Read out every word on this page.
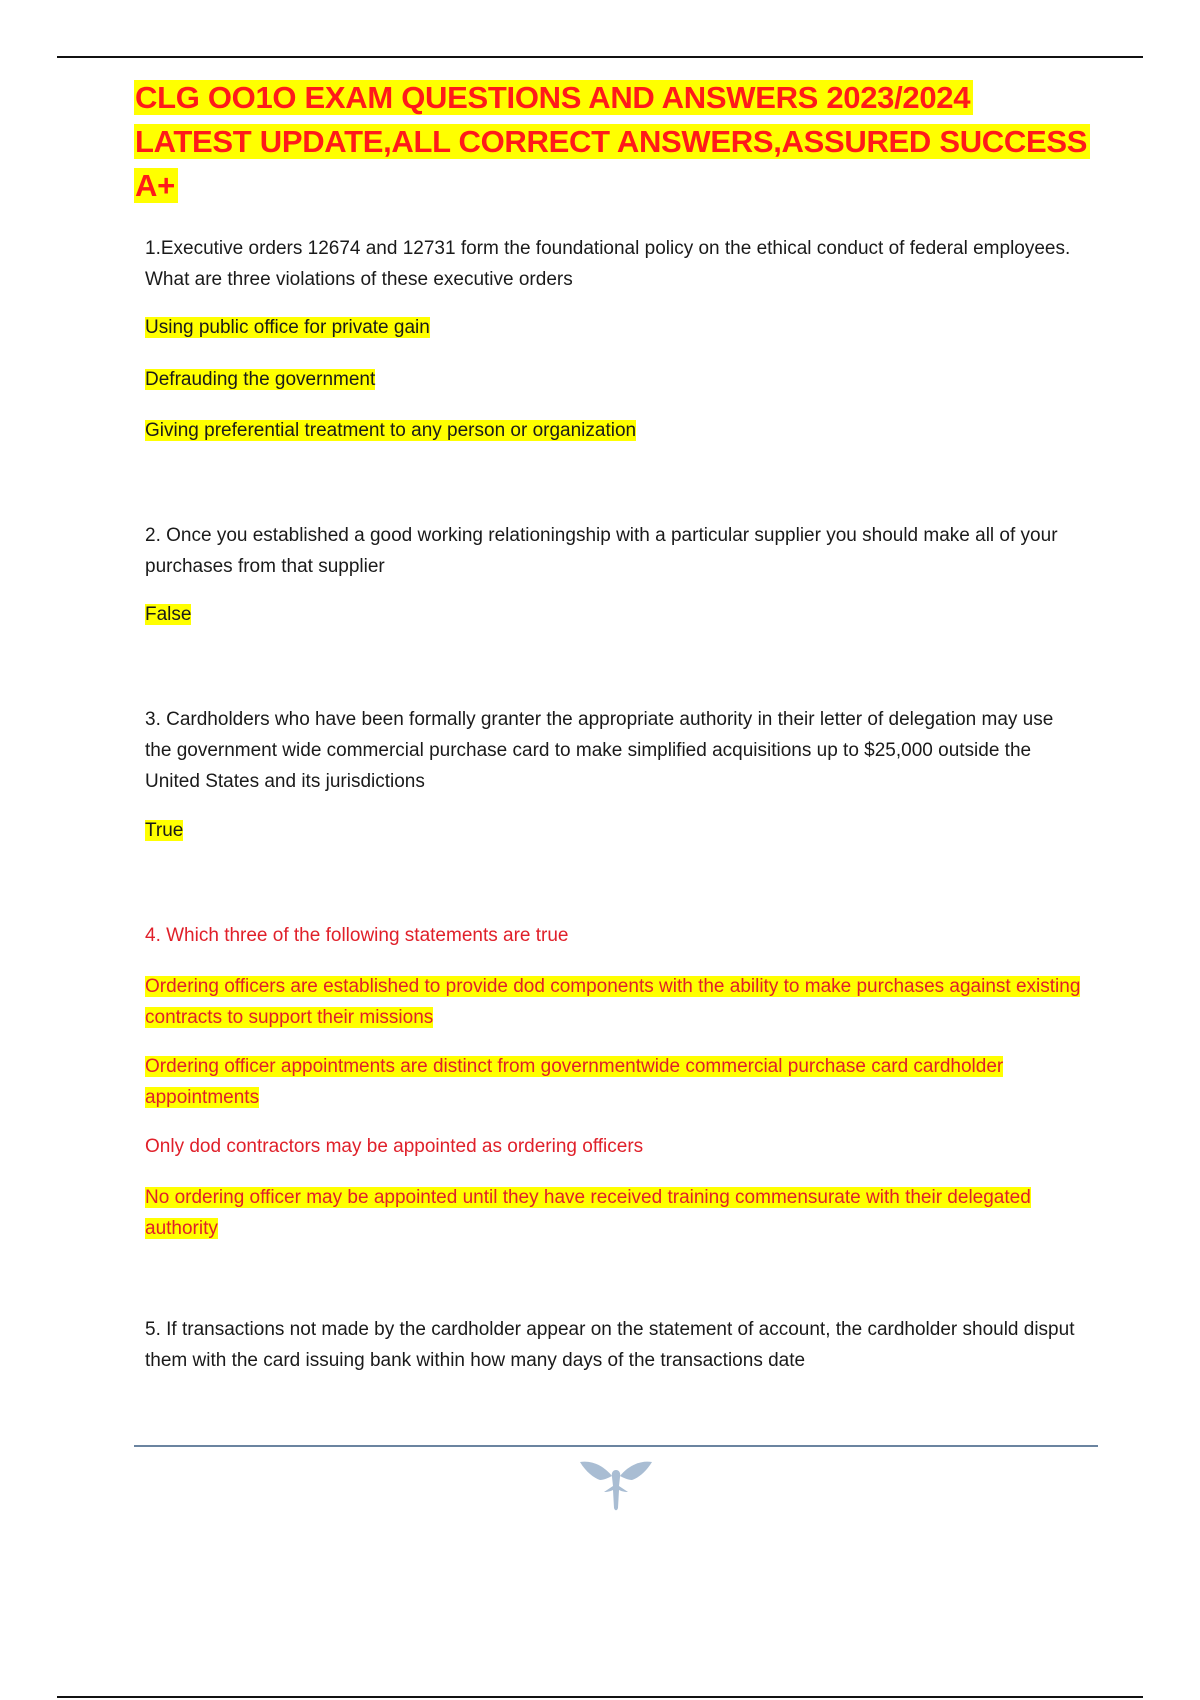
CLG OO1O EXAM QUESTIONS AND ANSWERS 2023/2024
LATEST UPDATE,ALL CORRECT ANSWERS,ASSURED SUCCESS A+
1.Executive orders 12674 and 12731 form the foundational policy on the ethical conduct of federal employees. What are three violations of these executive orders
Using public office for private gain
Defrauding the government
Giving preferential treatment to any person or organization
2. Once you established a good working relationingship with a particular supplier you should make all of your purchases from that supplier
False
3. Cardholders who have been formally granter the appropriate authority in their letter of delegation may use the government wide commercial purchase card to make simplified acquisitions up to $25,000 outside the United States and its jurisdictions
True
4. Which three of the following statements are true
Ordering officers are established to provide dod components with the ability to make purchases against existing contracts to support their missions
Ordering officer appointments are distinct from governmentwide commercial purchase card cardholder appointments
Only dod contractors may be appointed as ordering officers
No ordering officer may be appointed until they have received training commensurate with their delegated authority
5. If transactions not made by the cardholder appear on the statement of account, the cardholder should disput them with the card issuing bank within how many days of the transactions date
